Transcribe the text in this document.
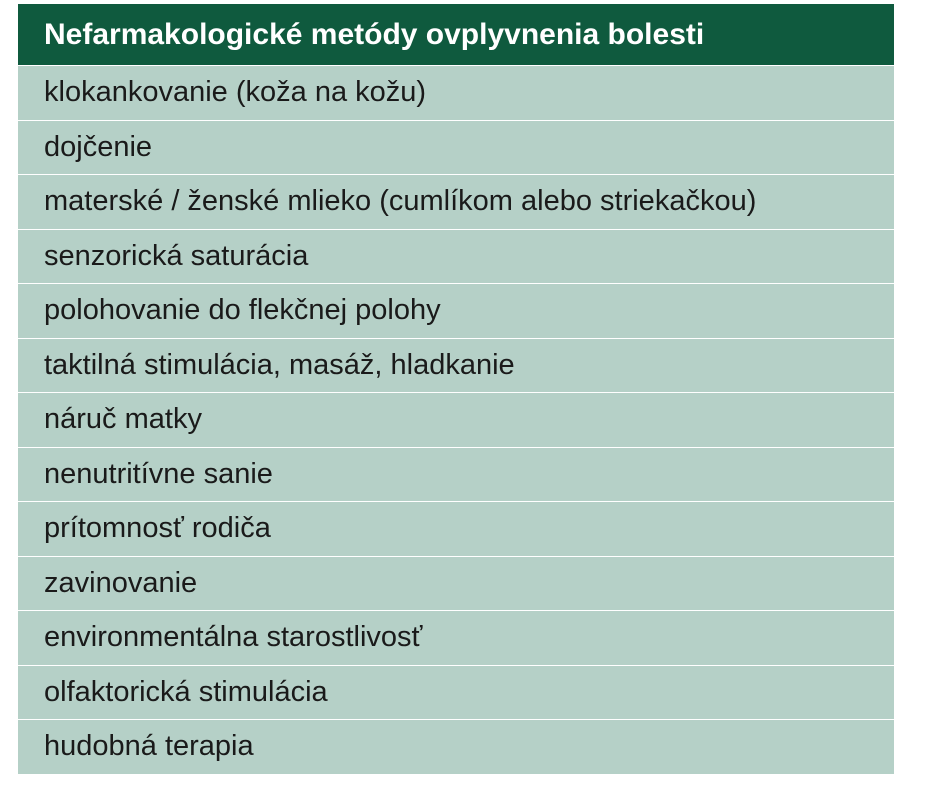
Nefarmakologické metódy ovplyvnenia bolesti
klokankovanie (koža na kožu)
dojčenie
materské / ženské mlieko (cumlíkom alebo striekačkou)
senzorická saturácia
polohovanie do flekčnej polohy
taktilná stimulácia, masáž, hladkanie
náruč matky
nenutritívne sanie
prítomnosť rodiča
zavinovanie
environmentálna starostlivosť
olfaktorická stimulácia
hudobná terapia
